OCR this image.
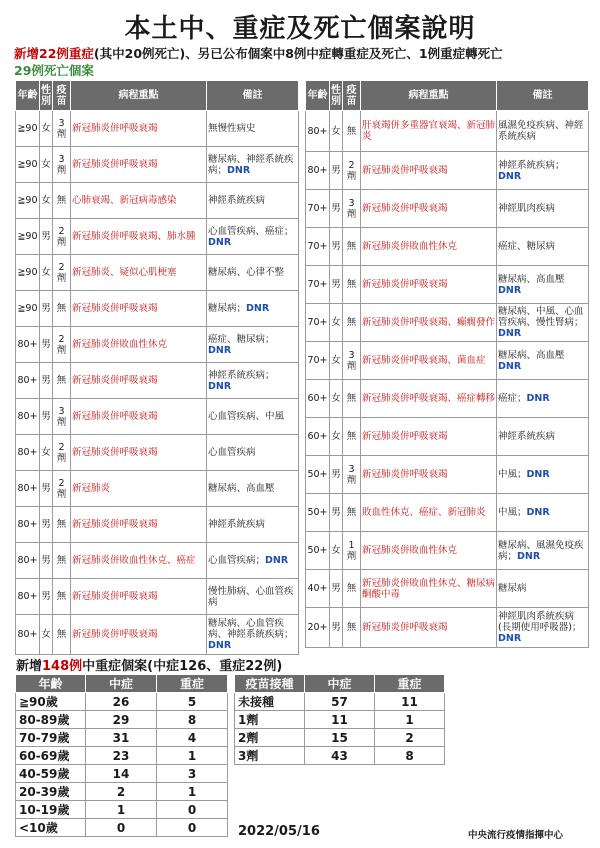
本土中、重症及死亡個案說明
新增22例重症(其中20例死亡)、另已公布個案中8例中症轉重症及死亡、1例重症轉死亡
29例死亡個案
年齡	性別	疫苗	病程重點	備註
≧90	女	3劑	新冠肺炎併呼吸衰竭	無慢性病史
≧90	女	3劑	新冠肺炎併呼吸衰竭	糖尿病、神經系統疾病；DNR
≧90	女	無	心肺衰竭、新冠病毒感染	神經系統疾病
≧90	男	2劑	新冠肺炎併呼吸衰竭、肺水腫	心血管疾病、癌症；DNR
≧90	女	2劑	新冠肺炎、疑似心肌梗塞	糖尿病、心律不整
≧90	男	無	新冠肺炎併呼吸衰竭	糖尿病；DNR
80+	男	2劑	新冠肺炎併敗血性休克	癌症、糖尿病；DNR
80+	男	無	新冠肺炎併呼吸衰竭	神經系統疾病；DNR
80+	男	3劑	新冠肺炎併呼吸衰竭	心血管疾病、中風
80+	女	2劑	新冠肺炎併呼吸衰竭	心血管疾病
80+	男	2劑	新冠肺炎	糖尿病、高血壓
80+	男	無	新冠肺炎併呼吸衰竭	神經系統疾病
80+	男	無	新冠肺炎併敗血性休克、癌症	心血管疾病；DNR
80+	男	無	新冠肺炎併呼吸衰竭	慢性肺病、心血管疾病
80+	女	無	新冠肺炎併呼吸衰竭	糖尿病、心血管疾病、神經系統疾病；DNR
年齡	性別	疫苗	病程重點	備註
80+	女	無	肝衰竭併多重器官衰竭、新冠肺炎	風濕免疫疾病、神經系統疾病
80+	男	2劑	新冠肺炎併呼吸衰竭	神經系統疾病；DNR
70+	男	3劑	新冠肺炎併呼吸衰竭	神經肌肉疾病
70+	男	無	新冠肺炎併敗血性休克	癌症、糖尿病
70+	男	無	新冠肺炎併呼吸衰竭	糖尿病、高血壓DNR
70+	女	無	新冠肺炎併呼吸衰竭、癲癇發作	糖尿病、中風、心血管疾病、慢性腎病；DNR
70+	女	3劑	新冠肺炎併呼吸衰竭、菌血症	糖尿病、高血壓DNR
60+	女	無	新冠肺炎併呼吸衰竭、癌症轉移	癌症；DNR
60+	女	無	新冠肺炎併呼吸衰竭	神經系統疾病
50+	男	3劑	新冠肺炎併呼吸衰竭	中風；DNR
50+	男	無	敗血性休克、癌症、新冠肺炎	中風；DNR
50+	女	1劑	新冠肺炎併敗血性休克	糖尿病、風濕免疫疾病；DNR
40+	男	無	新冠肺炎併敗血性休克、糖尿病酮酸中毒	糖尿病
20+	男	無	新冠肺炎併呼吸衰竭	神經肌肉系統疾病(長期使用呼吸器)；DNR
新增148例中重症個案(中症126、重症22例)
年齡	中症	重症
≧90歲	26	5
80-89歲	29	8
70-79歲	31	4
60-69歲	23	1
40-59歲	14	3
20-39歲	2	1
10-19歲	1	0
<10歲	0	0
疫苗接種	中症	重症
未接種	57	11
1劑	11	1
2劑	15	2
3劑	43	8
2022/05/16	中央流行疫情指揮中心
